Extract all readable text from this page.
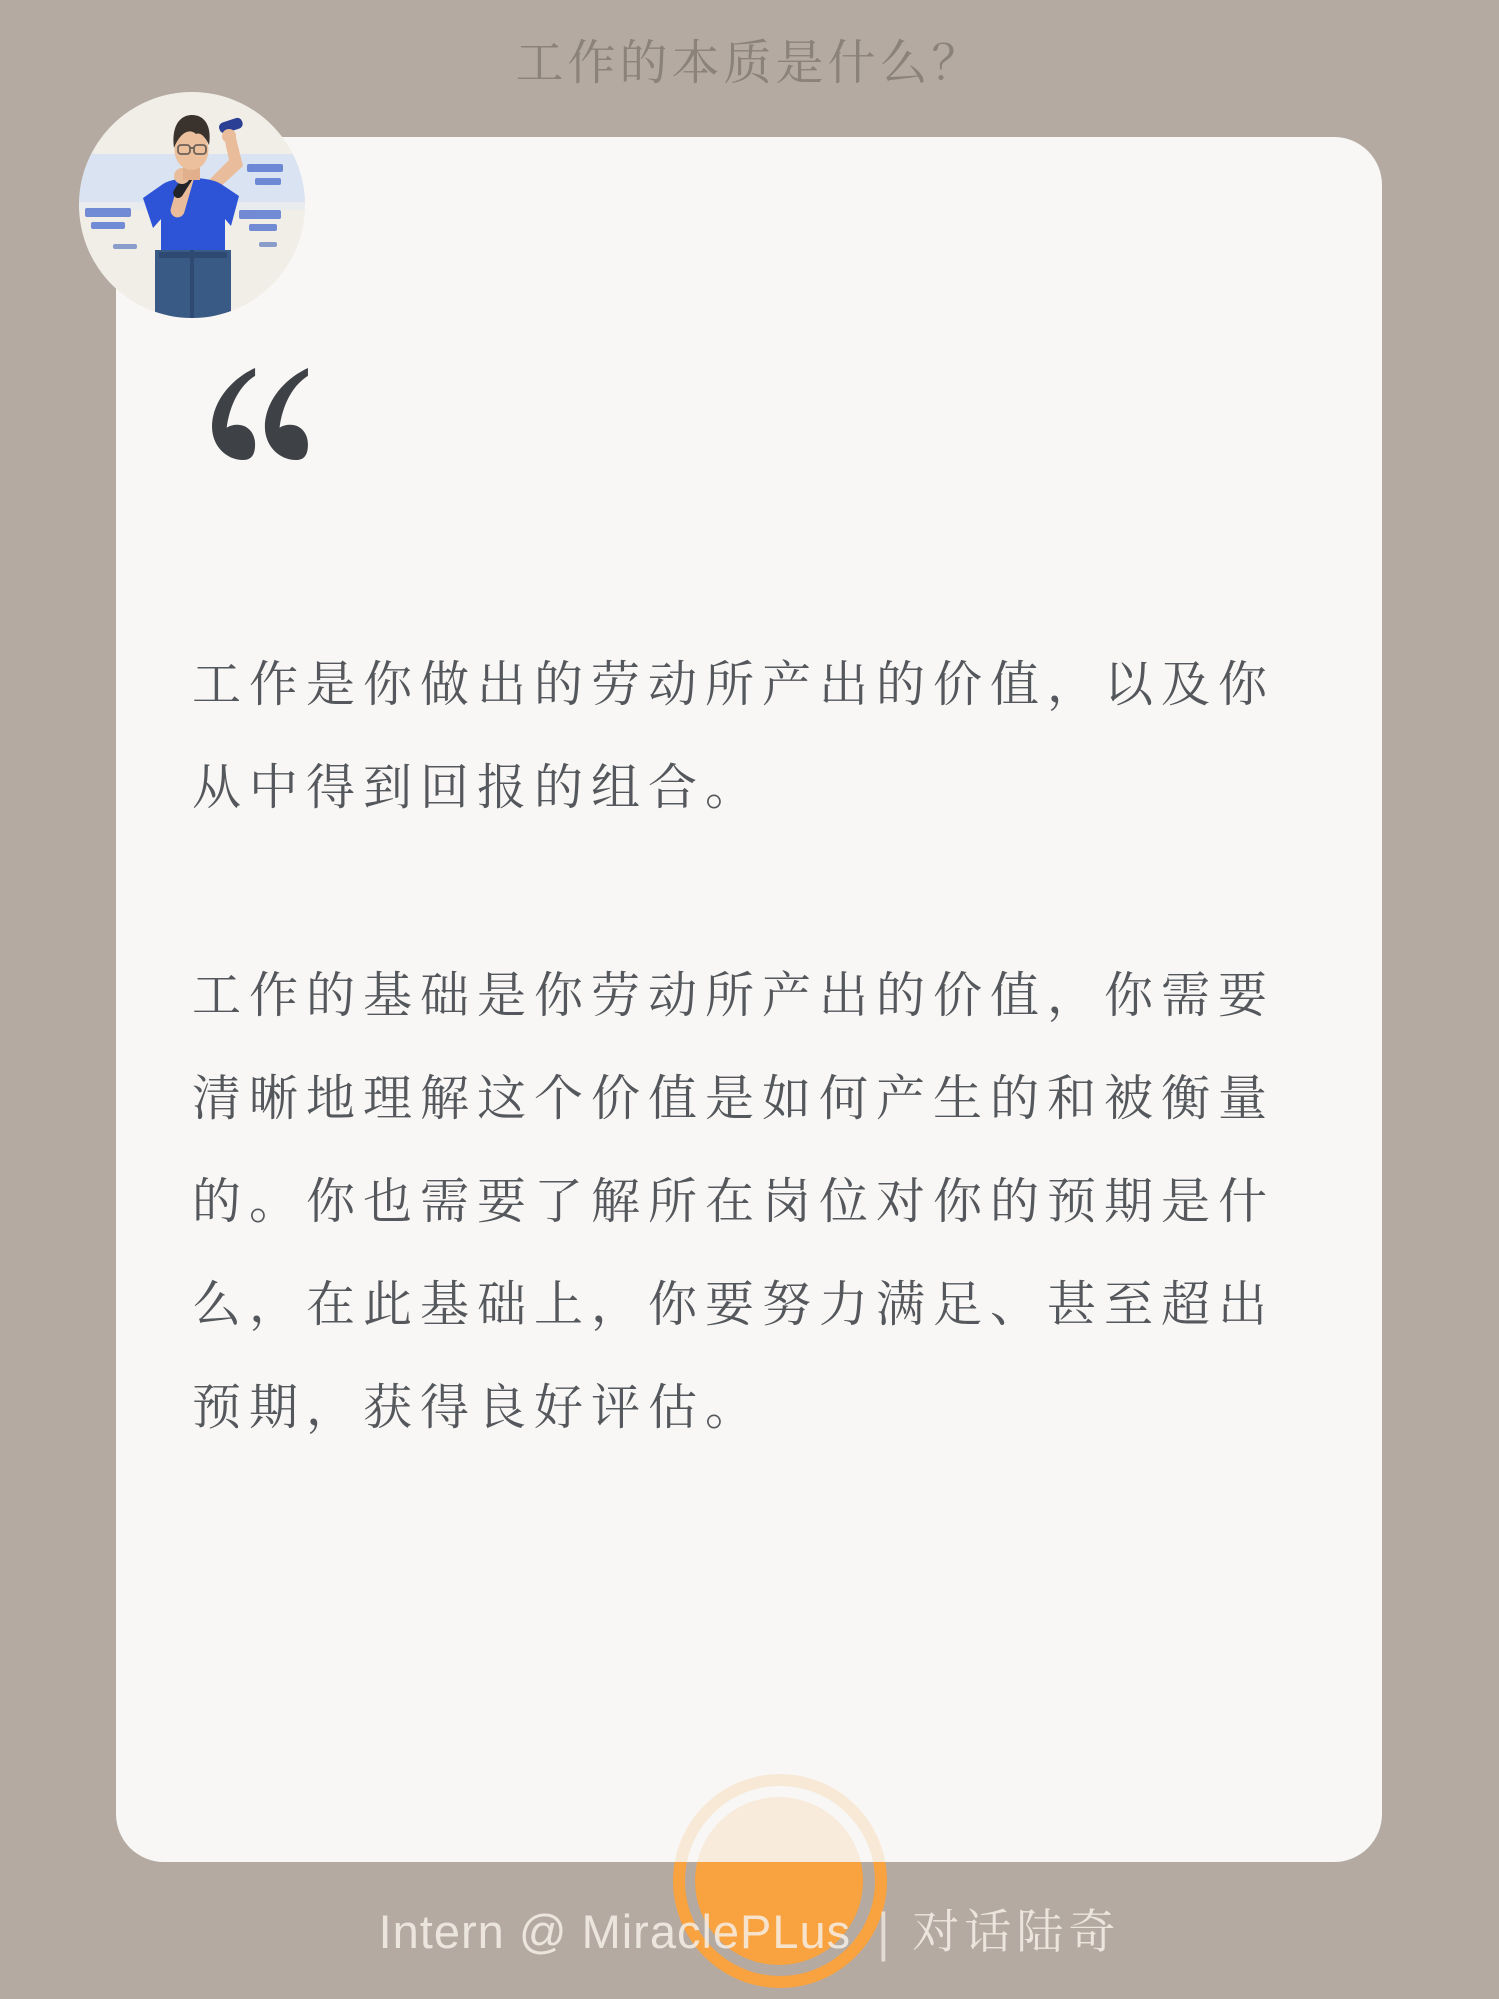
工作的本质是什么？

工作是你做出的劳动所产出的价值，以及你从中得到回报的组合。

工作的基础是你劳动所产出的价值，你需要清晰地理解这个价值是如何产生的和被衡量的。你也需要了解所在岗位对你的预期是什么，在此基础上，你要努力满足、甚至超出预期，获得良好评估。

Intern @ MiraclePLus | 对话陆奇
